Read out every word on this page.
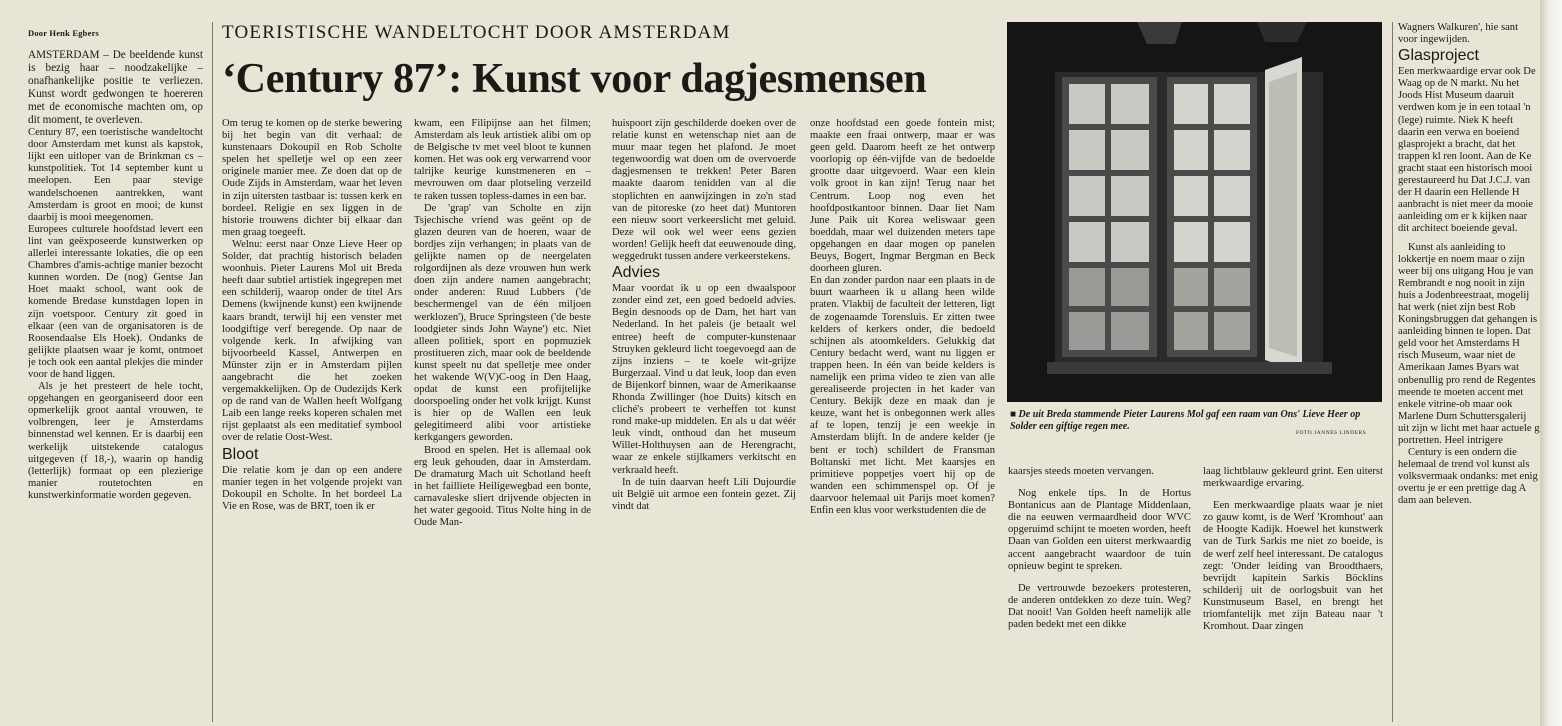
Door Henk Egbers

AMSTERDAM – De beeldende kunst is bezig haar – noodzakelijke – onafhankelijke positie te verliezen. Kunst wordt gedwongen te hoereren met de economische machten om, op dit moment, te overleven.

Century 87, een toeristische wandeltocht door Amsterdam met kunst als kapstok, lijkt een uitloper van de Brinkman cs – kunstpolitiek. Tot 14 september kunt u meelopen. Een paar stevige wandelschoenen aantrekken, want Amsterdam is groot en mooi; de kunst daarbij is mooi meegenomen.

Europees culturele hoofdstad levert een lint van geëxposeerde kunstwerken op allerlei interessante lokaties, die op een Chambres d'amis-achtige manier bezocht kunnen worden. De (nog) Gentse Jan Hoet maakt school, want ook de komende Bredase kunstdagen lopen in zijn voetspoor. Century zit goed in elkaar (een van de organisatoren is de Roosendaalse Els Hoek). Ondanks de gelijkte plaatsen waar je komt, ontmoet je toch ook een aantal plekjes die minder voor de hand liggen.

Als je het presteert de hele tocht, opgehangen en georganiseerd door een opmerkelijk groot aantal vrouwen, te volbrengen, leer je Amsterdams binnenstad wel kennen. Er is daarbij een werkelijk uitstekende catalogus uitgegeven (f 18,-), waarin op handig (letterlijk) formaat op een plezierige manier routetochten en kunstwerkinformatie worden gegeven.

TOERISTISCHE WANDELTOCHT DOOR AMSTERDAM
‘Century 87’: Kunst voor dagjesmensen

Om terug te komen op de sterke bewering bij het begin van dit verhaal: de kunstenaars Dokoupil en Rob Scholte spelen het spelletje wel op een zeer originele manier mee. Ze doen dat op de Oude Zijds in Amsterdam, waar het leven in zijn uitersten tastbaar is: tussen kerk en bordeel. Religie en sex liggen in de historie trouwens dichter bij elkaar dan men graag toegeeft.

Welnu: eerst naar Onze Lieve Heer op Solder, dat prachtig historisch beladen woonhuis. Pieter Laurens Mol uit Breda heeft daar subtiel artistiek ingegrepen met een schilderij, waarop onder de titel Ars Demens (kwijnende kunst) een kwijnende kaars brandt, terwijl hij een venster met loodgiftige verf beregende. Op naar de volgende kerk. In afwijking van bijvoorbeeld Kassel, Antwerpen en Münster zijn er in Amsterdam pijlen aangebracht die het zoeken vergemakkelijken. Op de Oudezijds Kerk op de rand van de Wallen heeft Wolfgang Laib een lange reeks koperen schalen met rijst geplaatst als een meditatief symbool over de relatie Oost-West.

Bloot

Die relatie kom je dan op een andere manier tegen in het volgende projekt van Dokoupil en Scholte. In het bordeel La Vie en Rose, was de BRT, toen ik er

kwam, een Filipijnse aan het filmen; Amsterdam als leuk artistiek alibi om op de Belgische tv met veel bloot te kunnen komen. Het was ook erg verwarrend voor talrijke keurige kunstmeneren en – mevrouwen om daar plotseling verzeild te raken tussen topless-dames in een bar.

De 'grap' van Scholte en zijn Tsjechische vriend was geënt op de glazen deuren van de hoeren, waar de bordjes zijn verhangen; in plaats van de gelijkte namen op de neergelaten rolgordijnen als deze vrouwen hun werk doen zijn andere namen aangebracht; onder anderen: Ruud Lubbers ('de beschermengel van de één miljoen werklozen'), Bruce Springsteen ('de beste loodgieter sinds John Wayne') etc. Niet alleen politiek, sport en popmuziek prostitueren zich, maar ook de beeldende kunst speelt nu dat spelletje mee onder het wakende W(V)C-oog in Den Haag, opdat de kunst een profijtelijke doorspoeling onder het volk krijgt. Kunst is hier op de Wallen een leuk gelegitimeerd alibi voor artistieke kerkgangers geworden.

Brood en spelen. Het is allemaal ook erg leuk gehouden, daar in Amsterdam. De dramaturg Mach uit Schotland heeft in het failliete Heiligewegbad een bonte, carnavaleske sliert drijvende objecten in het water gegooid. Titus Nolte hing in de Oude Man-

huispoort zijn geschilderde doeken over de relatie kunst en wetenschap niet aan de muur maar tegen het plafond. Je moet tegenwoordig wat doen om de overvoerde dagjesmensen te trekken! Peter Baren maakte daarom tenidden van al die stoplichten en aanwijzingen in zo'n stad van de pitoreske (zo heet dat) Muntoren een nieuw soort verkeerslicht met geluid. Deze wil ook wel weer eens gezien worden! Gelijk heeft dat eeuwenoude ding, weggedrukt tussen andere verkeerstekens.

Advies

Maar voordat ik u op een dwaalspoor zonder eind zet, een goed bedoeld advies. Begin desnoods op de Dam, het hart van Nederland. In het paleis (je betaalt wel entree) heeft de computer-kunstenaar Struyken gekleurd licht toegevoegd aan de zijns inziens – te koele wit-grijze Burgerzaal. Vind u dat leuk, loop dan even de Bijenkorf binnen, waar de Amerikaanse Rhonda Zwillinger (hoe Duits) kitsch en cliché's probeert te verheffen tot kunst rond make-up middelen. En als u dat wéér leuk vindt, onthoud dan het museum Willet-Holthuysen aan de Herengracht, waar ze enkele stijlkamers verkitscht en verkraald heeft.

In de tuin daarvan heeft Lili Dujourdie uit België uit armoe een fontein gezet. Zij vindt dat

onze hoofdstad een goede fontein mist; maakte een fraai ontwerp, maar er was geen geld. Daarom heeft ze het ontwerp voorlopig op één-vijfde van de bedoelde grootte daar uitgevoerd. Waar een klein volk groot in kan zijn! Terug naar het Centrum. Loop nog even het hoofdpostkantoor binnen. Daar liet Nam June Paik uit Korea weliswaar geen boeddah, maar wel duizenden meters tape opgehangen en daar mogen op panelen Beuys, Bogert, Ingmar Bergman en Beck doorheen gluren.

En dan zonder pardon naar een plaats in de buurt waarheen ik u allang heen wilde praten. Vlakbij de faculteit der letteren, ligt de zogenaamde Torensluis. Er zitten twee kelders of kerkers onder, die bedoeld schijnen als atoomkelders. Gelukkig dat Century bedacht werd, want nu liggen er trappen heen. In één van beide kelders is namelijk een prima video te zien van alle gerealiseerde projecten in het kader van Century. Bekijk deze en maak dan je keuze, want het is onbegonnen werk alles af te lopen, tenzij je een weekje in Amsterdam blijft. In de andere kelder (je bent er toch) schildert de Fransman Boltanski met licht. Met kaarsjes en primitieve poppetjes voert hij op de wanden een schimmenspel op. Of je daarvoor helemaal uit Parijs moet komen? Enfin een klus voor werkstudenten die de

■ De uit Breda stammende Pieter Laurens Mol gaf een raam van Ons' Lieve Heer op Solder een giftige regen mee.
FOTO JANNES LINDERS

kaarsjes steeds moeten vervangen.

Nog enkele tips. In de Hortus Bontanicus aan de Plantage Middenlaan, die na eeuwen vermaardheid door WVC opgeruimd schijnt te moeten worden, heeft Daan van Golden een uiterst merkwaardig accent aangebracht waardoor de tuin opnieuw begint te spreken.

De vertrouwde bezoekers protesteren, de anderen ontdekken zo deze tuin. Weg? Dat nooit! Van Golden heeft namelijk alle paden bedekt met een dikke

laag lichtblauw gekleurd grint. Een uiterst merkwaardige ervaring.

Een merkwaardige plaats waar je niet zo gauw komt, is de Werf 'Kromhout' aan de Hoogte Kadijk. Hoewel het kunstwerk van de Turk Sarkis me niet zo boeide, is de werf zelf heel interessant. De catalogus zegt: 'Onder leiding van Broodthaers, bevrijdt kapitein Sarkis Böcklins schilderij uit de oorlogsbuit van het Kunstmuseum Basel, en brengt het triomfantelijk met zijn Bateau naar 't Kromhout. Daar zingen

Wagners Walkuren', hie sant voor ingewijden.

Glasproject

Een merkwaardige ervar ook De Waag op de N markt. Nu het Joods Hist Museum daaruit verdwen kom je in een totaal 'n (lege) ruimte. Niek K heeft daarin een verwa en boeiend glasprojekt a bracht, dat het trappen kl ren loont. Aan de Ke gracht staat een historisch mooi gerestaureerd hu Dat J.C.J. van der H daarin een Hellende H aanbracht is niet meer da mooie aanleiding om er k kijken naar dit architect boeiende geval.

Kunst als aanleiding to lokkertje en noem maar o zijn weer bij ons uitgang Hou je van Rembrandt e nog nooit in zijn huis a Jodenbreestraat, mogelij hat werk (niet zijn best Rob Koningsbruggen dat gehangen is aanleiding binnen te lopen. Dat geld voor het Amsterdams H risch Museum, waar niet de Amerikaan James Byars wat onbenullig pro rend de Regentes meende te moeten accent met enkele vitrine-ob maar ook Marlene Dum Schuttersgalerij uit zijn w licht met haar actuele g portretten. Heel intrigere

Century is een ondern die helemaal de trend vol kunst als volksvermaak ondanks: met enig overtu je er een prettige dag A dam aan beleven.
